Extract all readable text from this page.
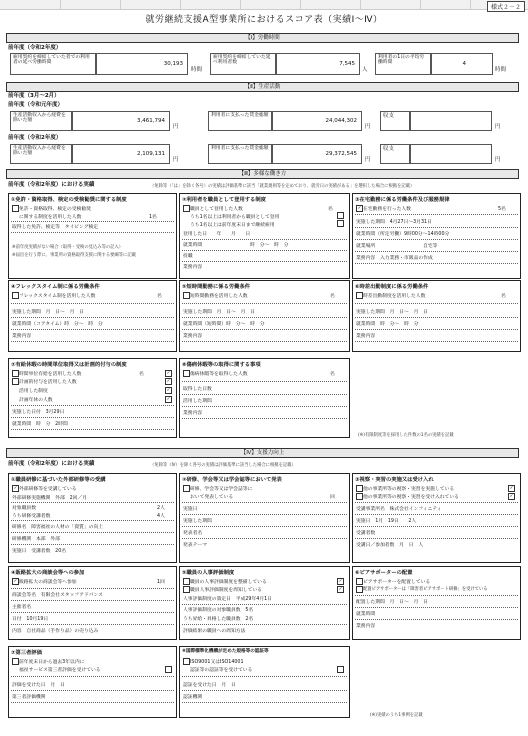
様式２－２
就労継続支援A型事業所におけるスコア表（実績Ⅰ～Ⅳ）
【Ⅰ】労働時間
前年度（令和2年度）
雇用契約を締結していた者での利用者の延べ労働時間	30,193
時間
雇用契約を締結していた延べ利用者数	7,545
人
利用者の1日の平均労働時間	4
時間
【Ⅱ】生産活動
前年度（3月～2月）
前年度（令和元年度）
生産活動収入から経費を除いた額	3,461,794
円
利用者に支払った賃金総額
24,044,302
円
収支
円
前年度（令和2年度）
生産活動収入から経費を除いた額	2,109,131
円
利用者に支払った賃金総額
29,372,545
円
収支
円
【Ⅲ】多様な働き方
前年度（令和2年度）における実績	（免除等（「は」を除く各号）の実績は評価基準に該当「就業規則等を定めており、就労日の実績がある」を選択した場合に根拠を記載）
①免許・資格取得、検定の受検勧奨に関する制度
免許・資格取得、検定の受検勧奨
に関する制度を活用した人数	1名
取得した免許、検定等　タイピング検定
※前年度実績がない場合（取得・受検の見込み等の記入）
※届出を行う際に、事業所の資格取得支援に関する要綱等に記載
②利用者を職員として登用する制度
職員として登用した人数	名
うち1名以上は利用者から職員として登用
うち1名以上は前年度末日まで継続雇用
登用した日　　年　　月　　日
就業時間	時　分～　時　分
役職
業務内容
③在宅勤務に係る労働条件及び服務規律
✓ 在宅勤務を行った人数	5名
実施した期間　4月27日～3月31日
就業時間（所定労働）9時00分～14時00分
就業場所	自宅等
業務内容　入力業務・市販品の作成
④フレックスタイム制に係る労働条件
フレックスタイム制を活用した人数	名
実施した期間　月　日～　月　日
就業時間（コアタイム）時　分～　時　分
業務内容
⑤短時間勤務に係る労働条件
短時間勤務を活用した人数	名
実施した期間　月　日～　月　日
就業時間（短時間）時　分～　時　分
業務内容
⑥時差出勤制度に係る労働条件
時差出勤制度を活用した人数	名
実施した期間　月　日～　月　日
就業時間　時　分～　時　分
業務内容
⑦有給休暇の時間単位取得又は計画的付与の制度
時間単位有給を活用した人数	名	✓
計画的付与を活用した人数	✓
活用した制度	✓
計画年休の人数	✓
実施した日付　3月29日
就業時間　時　分　2時間
⑧傷病休暇等の取得に関する事項
傷病休暇等を取得した人数	名
取得した日数
活用した期間
業務内容
(※)有限制度等を採用した件数の1名の実績を記載
【Ⅳ】支援力向上
前年度（令和2年度）における実績	（免除等（Ⅳ）を除く各号の実績は評価基準に該当した場合に根拠を記載）
①職員研修に基づいた外部研修等の受講
✓ 外部研修等を受講している
外部研修実施機関　外部　2回／月
対象職員数	2人
うち研修受講者数	4人
研修名　障害福祉の人材の「資質」の向上
研修機関　本部　外部
実施日　受講者数　20名
②研修、学会等又は学会誌等において発表
研修、学会等又は学会誌等に
おいて発表している	回
実施日
実施した期間
発表者名
発表テーマ
③視察・実習の実施又は受け入れ
他の事業所等の視察・実習を実施している	✓
他の事業所等の視察・実習を受け入れている	✓
受講事業所名　株式会社インフィニティ
実施日　1月　19日　　2人
受講者数
受講日／参加者数　月　日　人
④販路拡大の商談会等への参加
✓ 販路拡大の商談会等へ参加	1回
商談会等名　有限会社スタッフアドバンス
主催者名
日付　10月19日
内容　自社商品（手作り品）の売り込み
⑤職員の人事評価制度
職員の人事評価制度を整備している	✓
職員人事評価制度を周知している	✓
人事評価制度の策定日　平成29年4月1日
人事評価制度の対象職員数　5名
うち昇給・昇格した職員数　2名
評価結果の職員への周知方法
⑥ピアサポーターの配置
ピアサポーターを配置している
配置ピアサポーターは「障害者ピアサポート研修」を受けている
配置した期間　月　日～　月　日
就業時間
業務内容
⑦第三者評価
前年度末日から過去3年以内に
福祉サービス第三者評価を受けている
評価を受けた日　月　日
第三者評価機関
⑧国際標準化機構が定めた規格等の認証等
ISO9001又はISO14001
認証等の認証等を受けている
認証を受けた日　月　日
認証機関
(※)実績のうち1事例を記載
